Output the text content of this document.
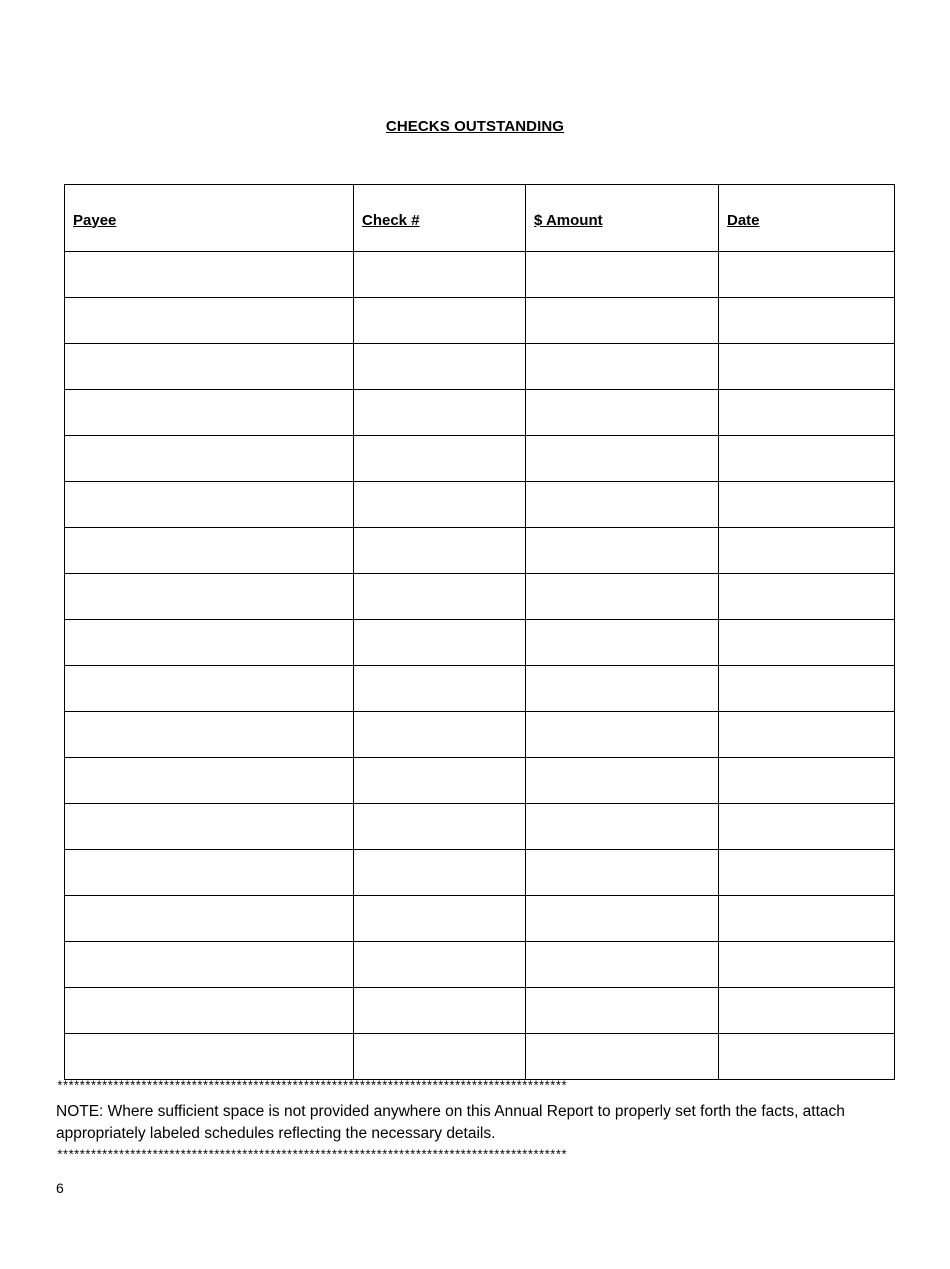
CHECKS OUTSTANDING
Payee	Check #	$ Amount	Date

*******************************************************************************************
NOTE: Where sufficient space is not provided anywhere on this Annual Report to properly set forth the facts, attach appropriately labeled schedules reflecting the necessary details.
*******************************************************************************************
6
